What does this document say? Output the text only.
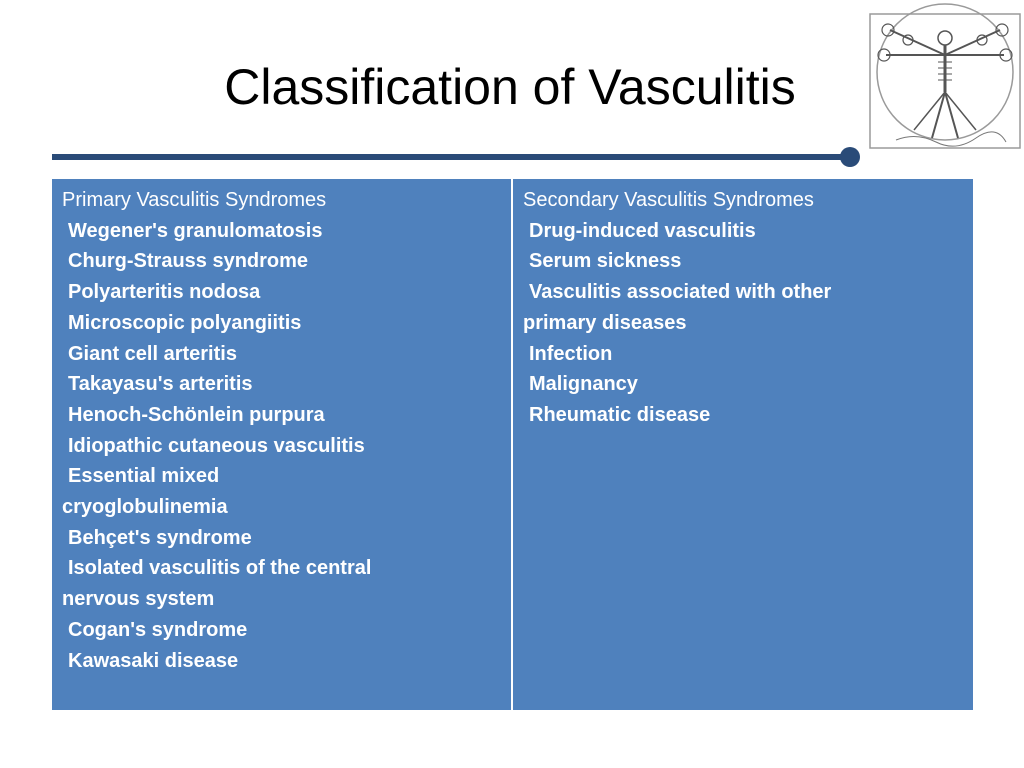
Classification of Vasculitis
Primary Vasculitis Syndromes
Wegener's granulomatosis
Churg-Strauss syndrome
Polyarteritis nodosa
Microscopic polyangiitis
Giant cell arteritis
Takayasu's arteritis
Henoch-Schönlein purpura
Idiopathic cutaneous vasculitis
Essential mixed
cryoglobulinemia
Behçet's syndrome
Isolated vasculitis of the central
nervous system
Cogan's syndrome
Kawasaki disease
Secondary Vasculitis Syndromes
Drug-induced vasculitis
Serum sickness
Vasculitis associated with other
primary diseases
Infection
Malignancy
Rheumatic disease
